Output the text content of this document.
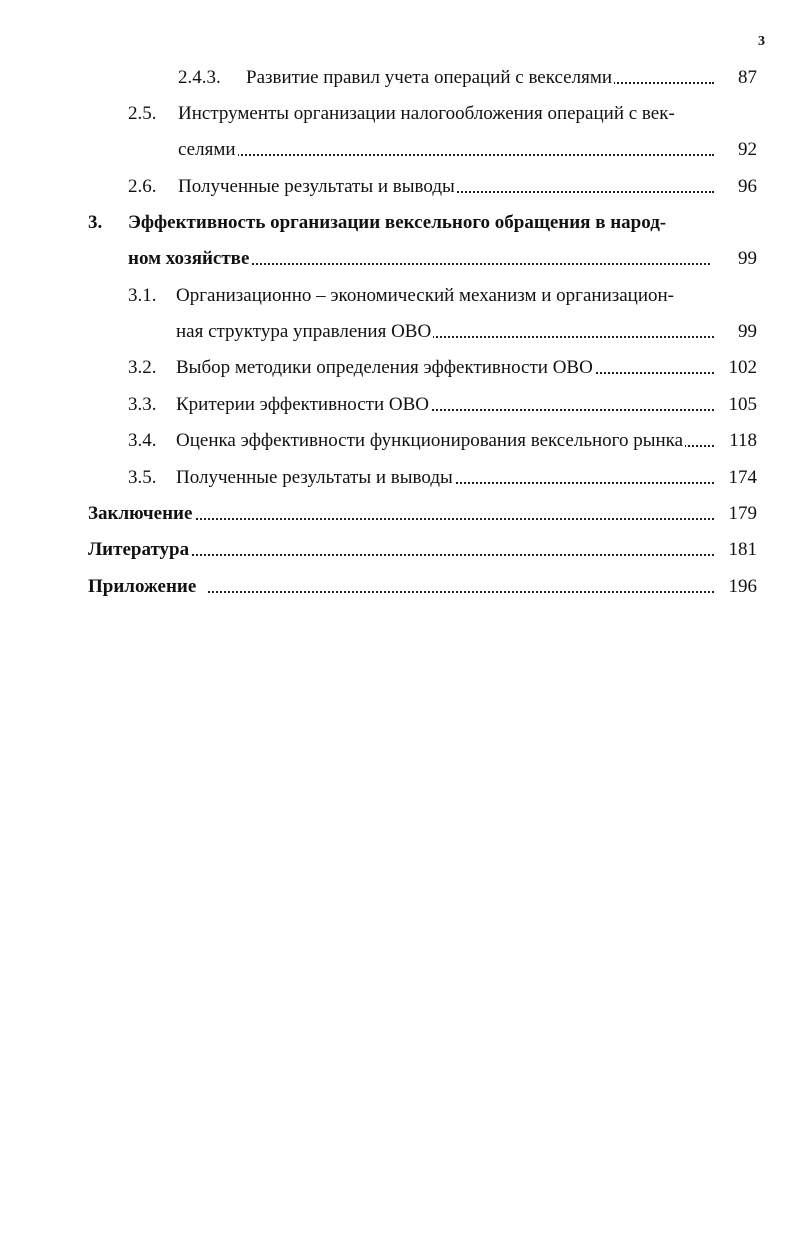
3
2.4.3. Развитие правил учета операций с векселями	87
2.5. Инструменты организации налогообложения операций с век-
селями	92
2.6. Полученные результаты и выводы	96
3. Эффективность организации вексельного обращения в народ-
ном хозяйстве	99
3.1. Организационно – экономический механизм и организацион-
ная структура управления ОВО	99
3.2. Выбор методики определения эффективности ОВО	102
3.3. Критерии эффективности ОВО	105
3.4. Оценка эффективности функционирования вексельного рынка	118
3.5. Полученные результаты и выводы	174
Заключение	179
Литература	181
Приложение	196
